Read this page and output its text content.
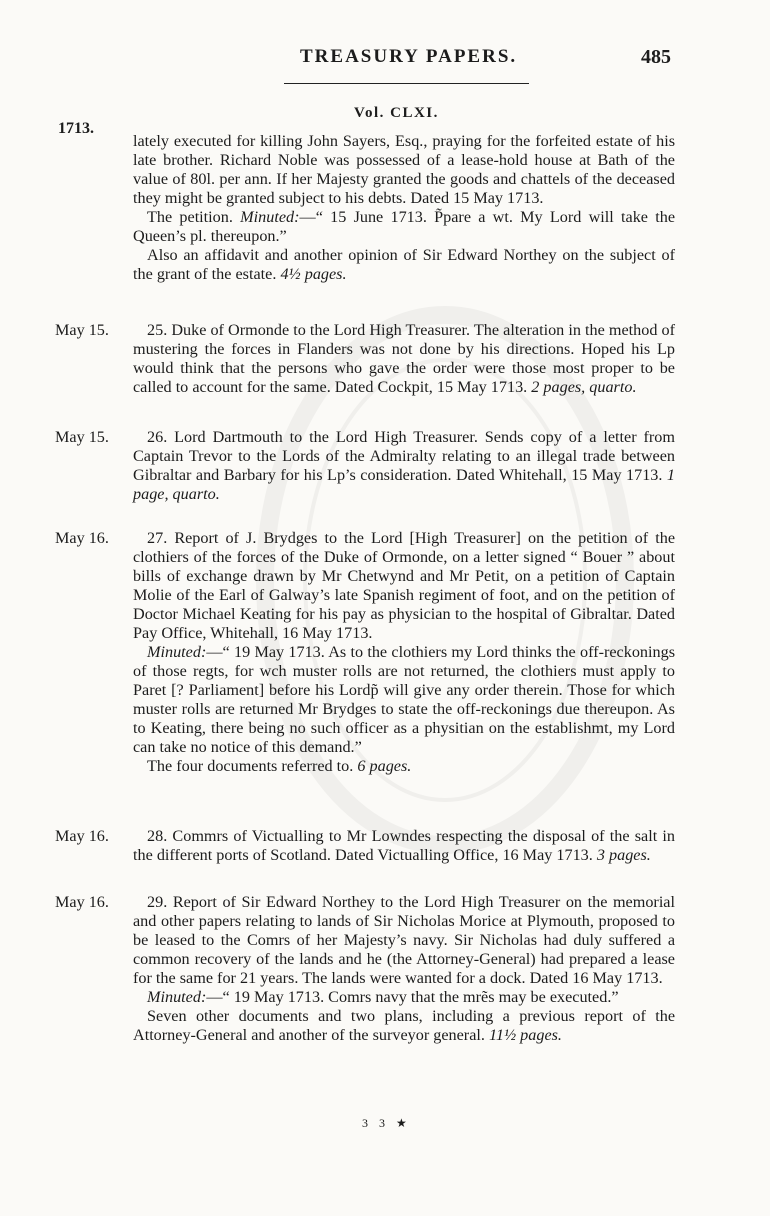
TREASURY PAPERS.	485
Vol. CLXI.
1713.

lately executed for killing John Sayers, Esq., praying for the forfeited estate of his late brother. Richard Noble was possessed of a lease-hold house at Bath of the value of 80l. per ann. If her Majesty granted the goods and chattels of the deceased they might be granted subject to his debts. Dated 15 May 1713.

The petition. Minuted:—“ 15 June 1713. P̃pare a wt. My Lord will take the Queen’s pl. thereupon.”

Also an affidavit and another opinion of Sir Edward Northey on the subject of the grant of the estate. 4½ pages.

May 15.	25. Duke of Ormonde to the Lord High Treasurer. The alteration in the method of mustering the forces in Flanders was not done by his directions. Hoped his Lp would think that the persons who gave the order were those most proper to be called to account for the same. Dated Cockpit, 15 May 1713. 2 pages, quarto.

May 15.	26. Lord Dartmouth to the Lord High Treasurer. Sends copy of a letter from Captain Trevor to the Lords of the Admiralty relating to an illegal trade between Gibraltar and Barbary for his Lp’s consideration. Dated Whitehall, 15 May 1713. 1 page, quarto.

May 16.	27. Report of J. Brydges to the Lord [High Treasurer] on the petition of the clothiers of the forces of the Duke of Ormonde, on a letter signed “ Bouer ” about bills of exchange drawn by Mr Chetwynd and Mr Petit, on a petition of Captain Molie of the Earl of Galway’s late Spanish regiment of foot, and on the petition of Doctor Michael Keating for his pay as physician to the hospital of Gibraltar. Dated Pay Office, Whitehall, 16 May 1713.

Minuted:—“ 19 May 1713. As to the clothiers my Lord thinks the off-reckonings of those regts, for wch muster rolls are not returned, the clothiers must apply to Paret [? Parliament] before his Lordp̃ will give any order therein. Those for which muster rolls are returned Mr Brydges to state the off-reckonings due thereupon. As to Keating, there being no such officer as a physitian on the establishmt, my Lord can take no notice of this demand.”

The four documents referred to. 6 pages.

May 16.	28. Commrs of Victualling to Mr Lowndes respecting the disposal of the salt in the different ports of Scotland. Dated Victualling Office, 16 May 1713. 3 pages.

May 16.	29. Report of Sir Edward Northey to the Lord High Treasurer on the memorial and other papers relating to lands of Sir Nicholas Morice at Plymouth, proposed to be leased to the Comrs of her Majesty’s navy. Sir Nicholas had duly suffered a common recovery of the lands and he (the Attorney-General) had prepared a lease for the same for 21 years. The lands were wanted for a dock. Dated 16 May 1713.

Minuted:—“ 19 May 1713. Comrs navy that the mrẽs may be executed.”

Seven other documents and two plans, including a previous report of the Attorney-General and another of the surveyor general. 11½ pages.

3 3 ★
